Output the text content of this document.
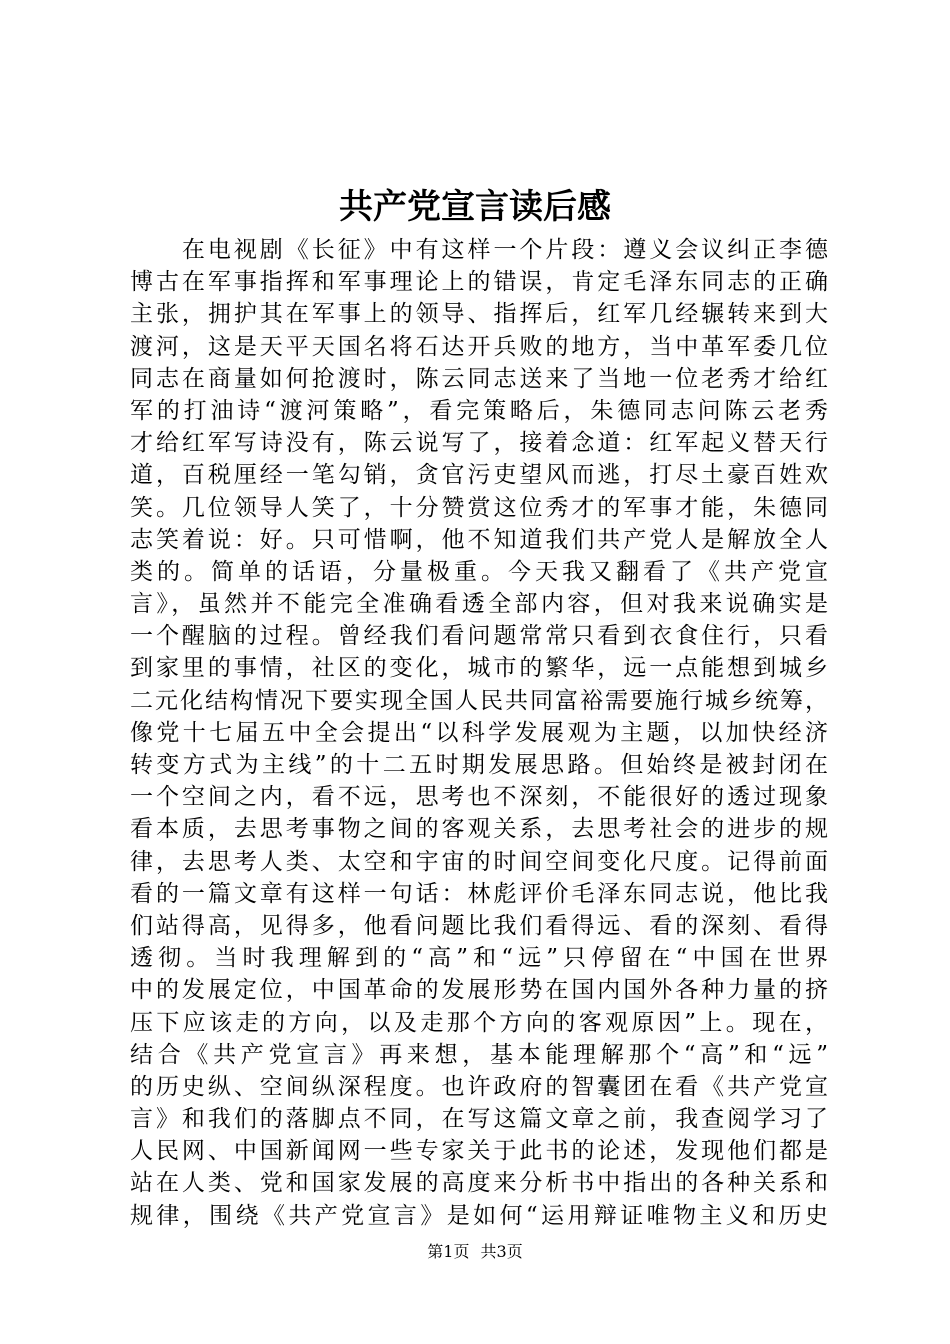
共产党宣言读后感
　　在电视剧《长征》中有这样一个片段：遵义会议纠正李德
博古在军事指挥和军事理论上的错误，肯定毛泽东同志的正确
主张，拥护其在军事上的领导、指挥后，红军几经辗转来到大
渡河，这是天平天国名将石达开兵败的地方，当中革军委几位
同志在商量如何抢渡时，陈云同志送来了当地一位老秀才给红
军的打油诗“渡河策略”，看完策略后，朱德同志问陈云老秀
才给红军写诗没有，陈云说写了，接着念道：红军起义替天行
道，百税厘经一笔勾销，贪官污吏望风而逃，打尽土豪百姓欢
笑。几位领导人笑了，十分赞赏这位秀才的军事才能，朱德同
志笑着说：好。只可惜啊，他不知道我们共产党人是解放全人
类的。简单的话语，分量极重。今天我又翻看了《共产党宣
言》，虽然并不能完全准确看透全部内容，但对我来说确实是
一个醒脑的过程。曾经我们看问题常常只看到衣食住行，只看
到家里的事情，社区的变化，城市的繁华，远一点能想到城乡
二元化结构情况下要实现全国人民共同富裕需要施行城乡统筹，
像党十七届五中全会提出“以科学发展观为主题，以加快经济
转变方式为主线”的十二五时期发展思路。但始终是被封闭在
一个空间之内，看不远，思考也不深刻，不能很好的透过现象
看本质，去思考事物之间的客观关系，去思考社会的进步的规
律，去思考人类、太空和宇宙的时间空间变化尺度。记得前面
看的一篇文章有这样一句话：林彪评价毛泽东同志说，他比我
们站得高，见得多，他看问题比我们看得远、看的深刻、看得
透彻。当时我理解到的“高”和“远”只停留在“中国在世界
中的发展定位，中国革命的发展形势在国内国外各种力量的挤
压下应该走的方向，以及走那个方向的客观原因”上。现在，
结合《共产党宣言》再来想，基本能理解那个“高”和“远”
的历史纵、空间纵深程度。也许政府的智囊团在看《共产党宣
言》和我们的落脚点不同，在写这篇文章之前，我查阅学习了
人民网、中国新闻网一些专家关于此书的论述，发现他们都是
站在人类、党和国家发展的高度来分析书中指出的各种关系和
规律，围绕《共产党宣言》是如何“运用辩证唯物主义和历史
第1页 共3页
